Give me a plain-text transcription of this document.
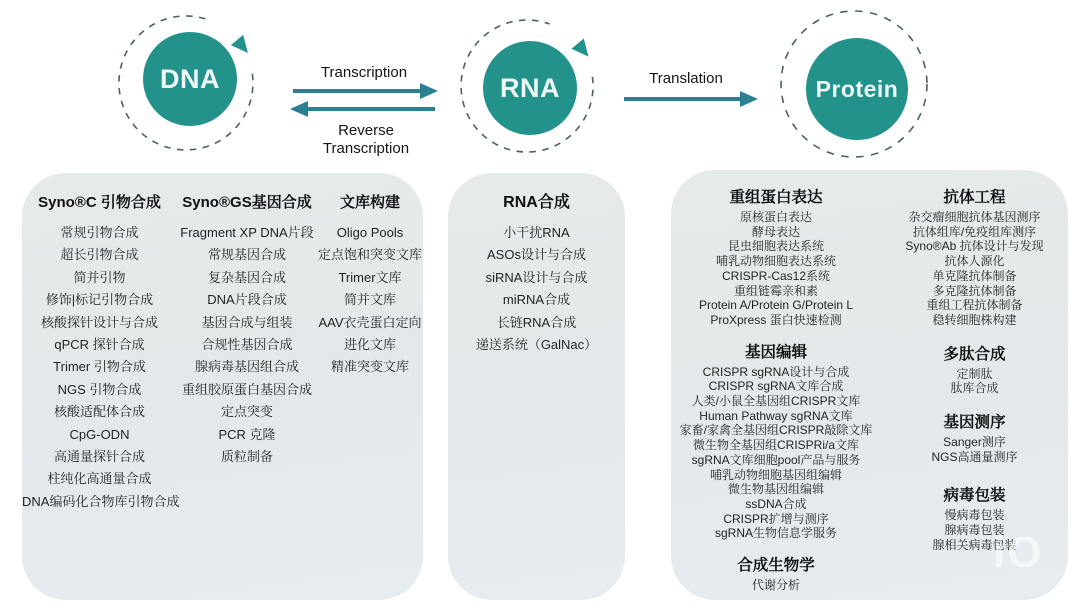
DNA	RNA	Protein
Transcription
Reverse
Transcription
Translation
Syno®C 引物合成
常规引物合成
超长引物合成
简并引物
修饰|标记引物合成
核酸探针设计与合成
qPCR 探针合成
Trimer 引物合成
NGS 引物合成
核酸适配体合成
CpG-ODN
高通量探针合成
柱纯化高通量合成
DNA编码化合物库引物合成
Syno®GS基因合成
Fragment XP DNA片段
常规基因合成
复杂基因合成
DNA片段合成
基因合成与组装
合规性基因合成
腺病毒基因组合成
重组胶原蛋白基因合成
定点突变
PCR 克隆
质粒制备
文库构建
Oligo Pools
定点饱和突变文库
Trimer文库
简并文库
AAV衣壳蛋白定向
进化文库
精准突变文库
RNA合成
小干扰RNA
ASOs设计与合成
siRNA设计与合成
miRNA合成
长链RNA合成
递送系统（GalNac）
重组蛋白表达
原核蛋白表达
酵母表达
昆虫细胞表达系统
哺乳动物细胞表达系统
CRISPR-Cas12系统
重组链霉亲和素
Protein A/Protein G/Protein L
ProXpress 蛋白快速检测
基因编辑
CRISPR sgRNA设计与合成
CRISPR sgRNA文库合成
人类/小鼠全基因组CRISPR文库
Human Pathway sgRNA文库
家畜/家禽全基因组CRISPR敲除文库
微生物全基因组CRISPRi/a文库
sgRNA文库细胞pool产品与服务
哺乳动物细胞基因组编辑
微生物基因组编辑
ssDNA合成
CRISPR扩增与测序
sgRNA生物信息学服务
合成生物学
代谢分析
抗体工程
杂交瘤细胞抗体基因测序
抗体组库/免疫组库测序
Syno®Ab 抗体设计与发现
抗体人源化
单克隆抗体制备
多克隆抗体制备
重组工程抗体制备
稳转细胞株构建
多肽合成
定制肽
肽库合成
基因测序
Sanger测序
NGS高通量测序
病毒包装
慢病毒包装
腺病毒包装
腺相关病毒包装
iO
